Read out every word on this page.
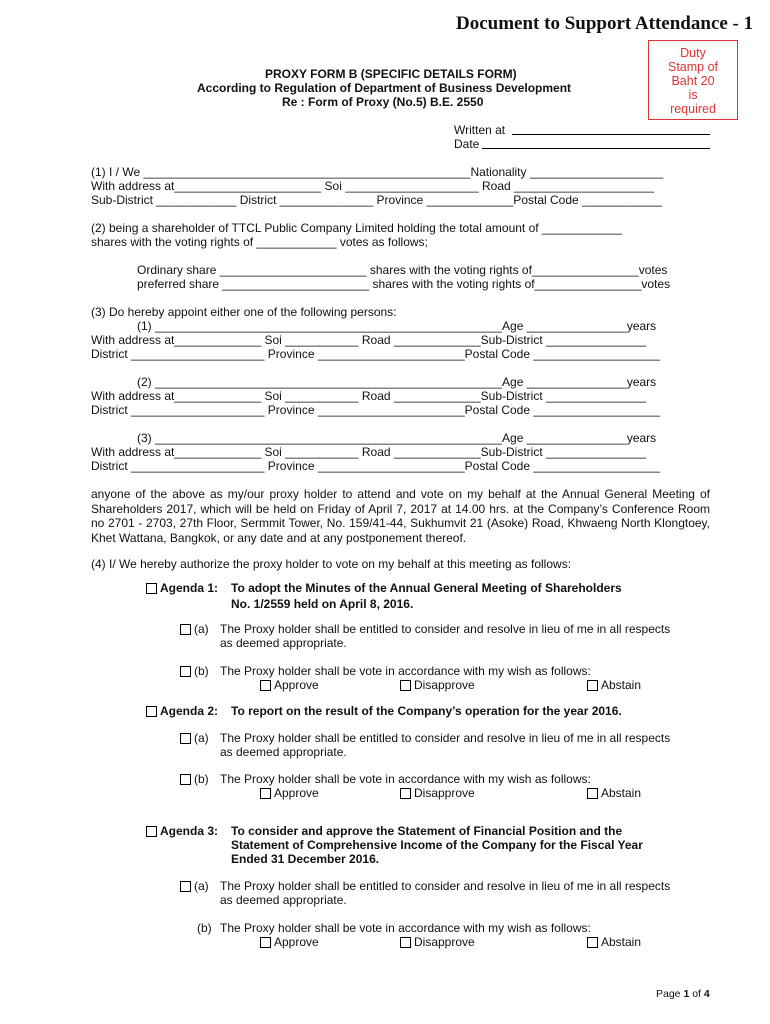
Document to Support Attendance - 1
Duty
Stamp of
Baht 20
is
required
PROXY FORM B (SPECIFIC DETAILS FORM)
According to Regulation of Department of Business Development
Re : Form of Proxy (No.5) B.E. 2550
Written at
Date
(1) I / We _________________________________________________Nationality ____________________
With address at______________________ Soi ____________________ Road _____________________
Sub-District ____________ District ______________ Province _____________Postal Code ____________
(2) being a shareholder of TTCL Public Company Limited holding the total amount of ____________
shares with the voting rights of ____________ votes as follows;
Ordinary share ______________________ shares with the voting rights of________________votes
preferred share ______________________ shares with the voting rights of________________votes
(3) Do hereby appoint either one of the following persons:
(1) ____________________________________________________Age _______________years
With address at_____________ Soi ___________ Road _____________Sub-District _______________
District ____________________ Province ______________________Postal Code ___________________
(2) ____________________________________________________Age _______________years
With address at_____________ Soi ___________ Road _____________Sub-District _______________
District ____________________ Province ______________________Postal Code ___________________
(3) ____________________________________________________Age _______________years
With address at_____________ Soi ___________ Road _____________Sub-District _______________
District ____________________ Province ______________________Postal Code ___________________
anyone of the above as my/our proxy holder to attend and vote on my behalf at the Annual General Meeting of Shareholders 2017, which will be held on Friday of April 7, 2017 at 14.00 hrs. at the Company’s Conference Room no 2701 - 2703, 27th Floor, Sermmit Tower, No. 159/41-44, Sukhumvit 21 (Asoke) Road, Khwaeng North Klongtoey, Khet Wattana, Bangkok, or any date and at any postponement thereof.
(4) I/ We hereby authorize the proxy holder to vote on my behalf at this meeting as follows:
Agenda 1: To adopt the Minutes of the Annual General Meeting of Shareholders
No. 1/2559 held on April 8, 2016.
(a) The Proxy holder shall be entitled to consider and resolve in lieu of me in all respects
as deemed appropriate.
(b) The Proxy holder shall be vote in accordance with my wish as follows:
Approve	Disapprove	Abstain
Agenda 2: To report on the result of the Company’s operation for the year 2016.
(a) The Proxy holder shall be entitled to consider and resolve in lieu of me in all respects
as deemed appropriate.
(b) The Proxy holder shall be vote in accordance with my wish as follows:
Approve	Disapprove	Abstain
Agenda 3: To consider and approve the Statement of Financial Position and the
Statement of Comprehensive Income of the Company for the Fiscal Year
Ended 31 December 2016.
(a) The Proxy holder shall be entitled to consider and resolve in lieu of me in all respects
as deemed appropriate.
(b) The Proxy holder shall be vote in accordance with my wish as follows:
Approve	Disapprove	Abstain
Page 1 of 4
